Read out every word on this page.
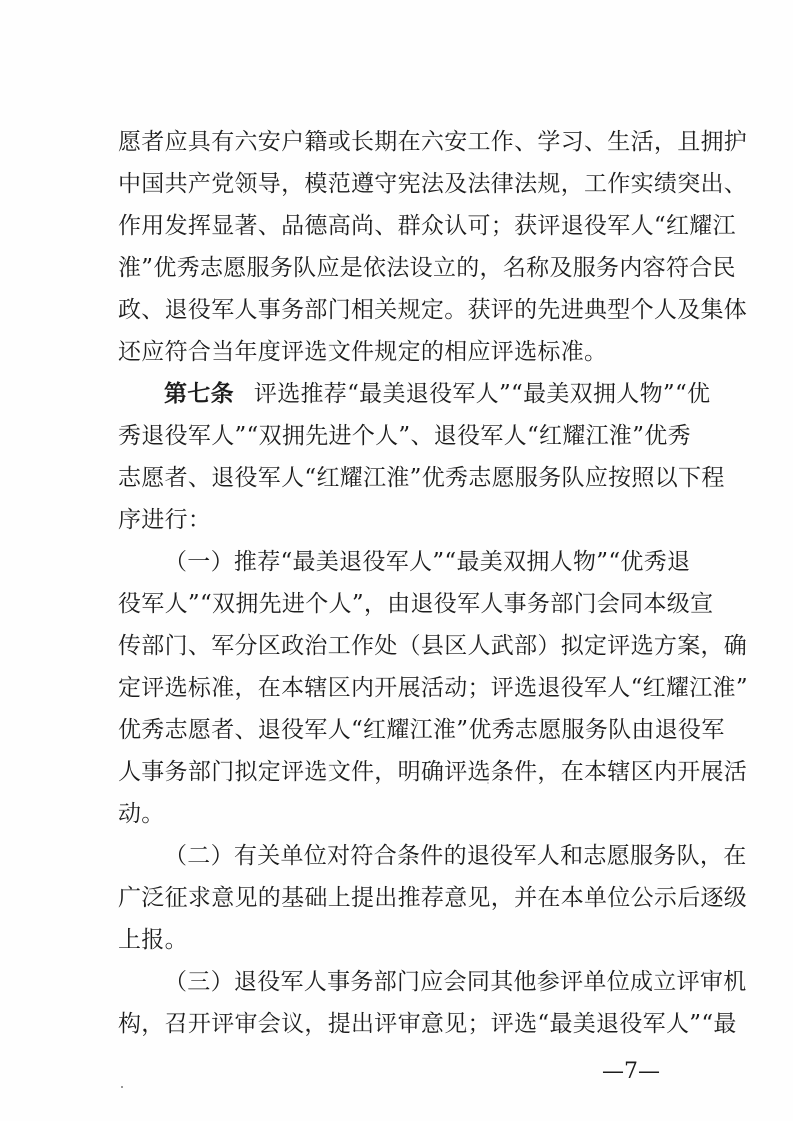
愿者应具有六安户籍或长期在六安工作、学习、生活，且拥护
中国共产党领导，模范遵守宪法及法律法规，工作实绩突出、
作用发挥显著、品德高尚、群众认可；获评退役军人“红耀江
淮”优秀志愿服务队应是依法设立的，名称及服务内容符合民
政、退役军人事务部门相关规定。获评的先进典型个人及集体
还应符合当年度评选文件规定的相应评选标准。
第七条 评选推荐“最美退役军人”“最美双拥人物”“优
秀退役军人”“双拥先进个人”、退役军人“红耀江淮”优秀
志愿者、退役军人“红耀江淮”优秀志愿服务队应按照以下程
序进行：
（一）推荐“最美退役军人”“最美双拥人物”“优秀退
役军人”“双拥先进个人”，由退役军人事务部门会同本级宣
传部门、军分区政治工作处（县区人武部）拟定评选方案，确
定评选标准，在本辖区内开展活动；评选退役军人“红耀江淮”
优秀志愿者、退役军人“红耀江淮”优秀志愿服务队由退役军
人事务部门拟定评选文件，明确评选条件，在本辖区内开展活
动。
（二）有关单位对符合条件的退役军人和志愿服务队，在
广泛征求意见的基础上提出推荐意见，并在本单位公示后逐级
上报。
（三）退役军人事务部门应会同其他参评单位成立评审机
构，召开评审会议，提出评审意见；评选“最美退役军人”“最
—7—
